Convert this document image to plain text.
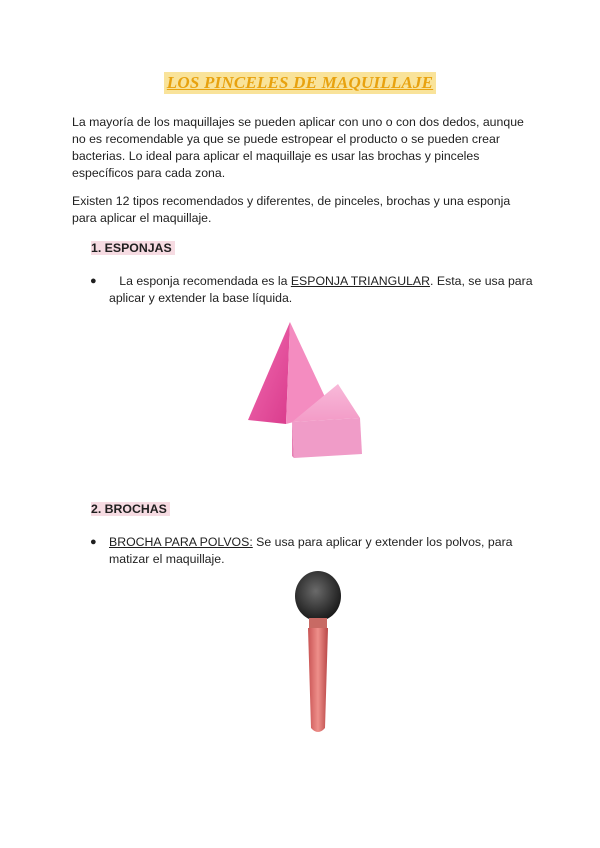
LOS PINCELES DE MAQUILLAJE

La mayoría de los maquillajes se pueden aplicar con uno o con dos dedos, aunque no es recomendable ya que se puede estropear el producto o se pueden crear bacterias. Lo ideal para aplicar el maquillaje es usar las brochas y pinceles específicos para cada zona.

Existen 12 tipos recomendados y diferentes, de pinceles, brochas y una esponja para aplicar el maquillaje.

1. ESPONJAS

●	La esponja recomendada es la ESPONJA TRIANGULAR. Esta, se usa para aplicar y extender la base líquida.

2. BROCHAS

● BROCHA PARA POLVOS: Se usa para aplicar y extender los polvos, para matizar el maquillaje.
